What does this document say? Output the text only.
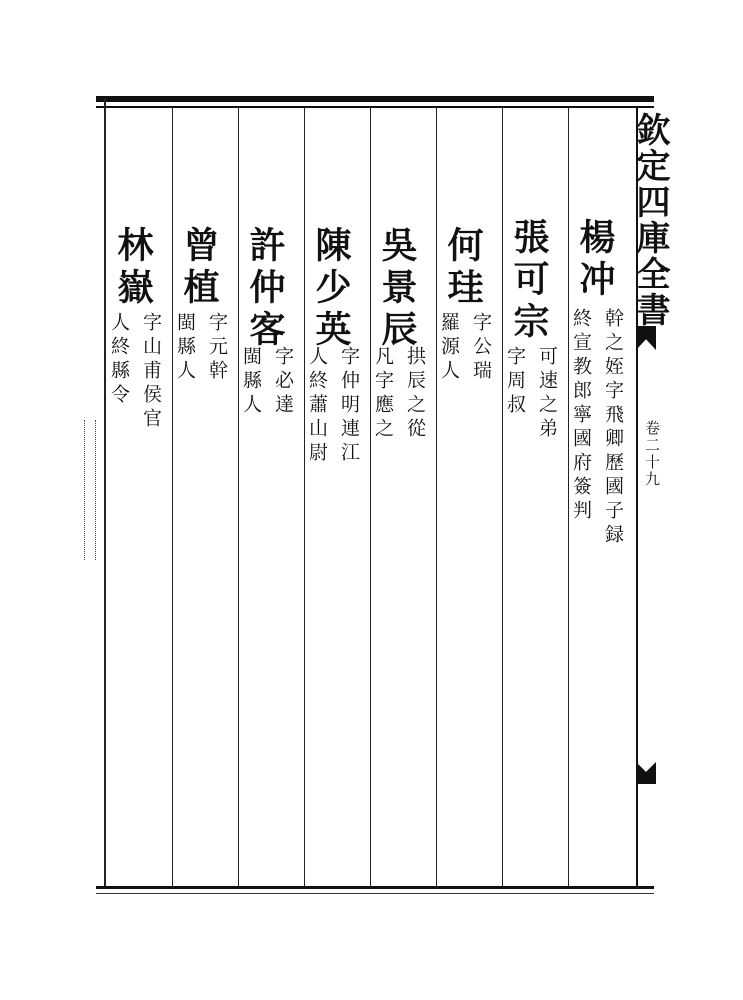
欽定四庫全書
卷二十九
楊冲
幹之姪字飛卿歷國子録
終宣教郎寧國府簽判
張可宗
可速之弟
字周叔
何珪
字公瑞
羅源人
吳景辰
拱辰之從
凡字應之
陳少英
字仲明連江
人終蕭山尉
許仲客
字必達
閩縣人
曾植
字元幹
閩縣人
林嶽
字山甫侯官
人終縣令
